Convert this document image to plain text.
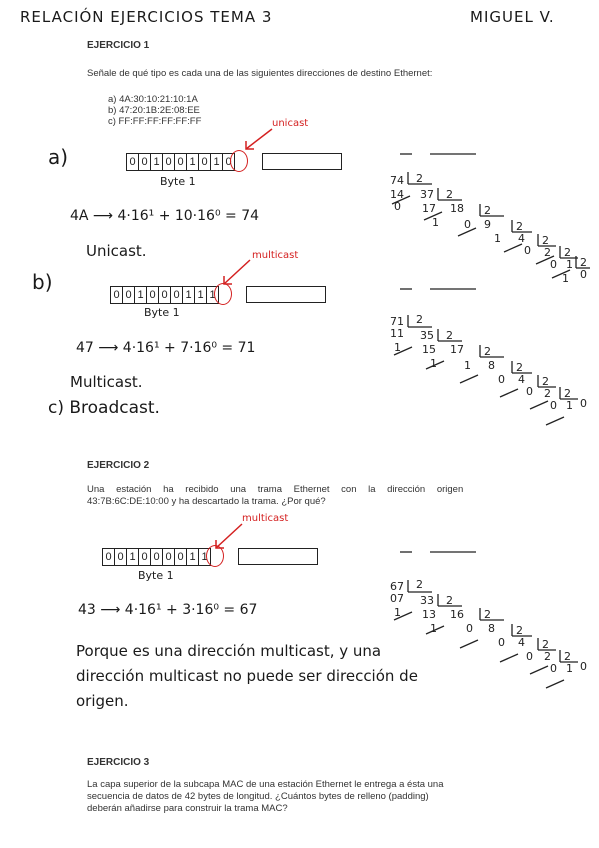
RELACIÓN EJERCICIOS TEMA 3	MIGUEL V.
EJERCICIO 1
Señale de qué tipo es cada una de las siguientes direcciones de destino Ethernet:
a) 4A:30:10:21:10:1A
b) 47:20:1B:2E:08:EE
c) FF:FF:FF:FF:FF:FF	unicast
a)	0 0 1 0 0 1 0 1 0
Byte 1
4A ⟶ 4·16¹ + 10·16⁰ = 74
Unicast.
74 2
14 37 2
0 17 18 2
1 0 9 2
1 4 2
0 2 2
0 1 2
0
1
multicast
b)
0 0 1 0 0 0 1 1 1
Byte 1
47 ⟶ 4·16¹ + 7·16⁰ = 71
Multicast.
c) Broadcast.
71 2
11 35 2
1 15 17 2
1 1 8 2
0 4 2
0 2 2
0 1 0
EJERCICIO 2
Una estación ha recibido una trama Ethernet con la dirección origen
43:7B:6C:DE:10:00 y ha descartado la trama. ¿Por qué?
multicast
0 0 1 0 0 0 0 1 1
Byte 1
43 ⟶ 4·16¹ + 3·16⁰ = 67
Porque es una dirección multicast, y una
dirección multicast no puede ser dirección de
origen.
67 2
07 33 2
1 13 16 2
1	0 8 2
0 4 2
0 2 2
0 1 0
EJERCICIO 3
La capa superior de la subcapa MAC de una estación Ethernet le entrega a ésta una
secuencia de datos de 42 bytes de longitud. ¿Cuántos bytes de relleno (padding)
deberán añadirse para construir la trama MAC?
